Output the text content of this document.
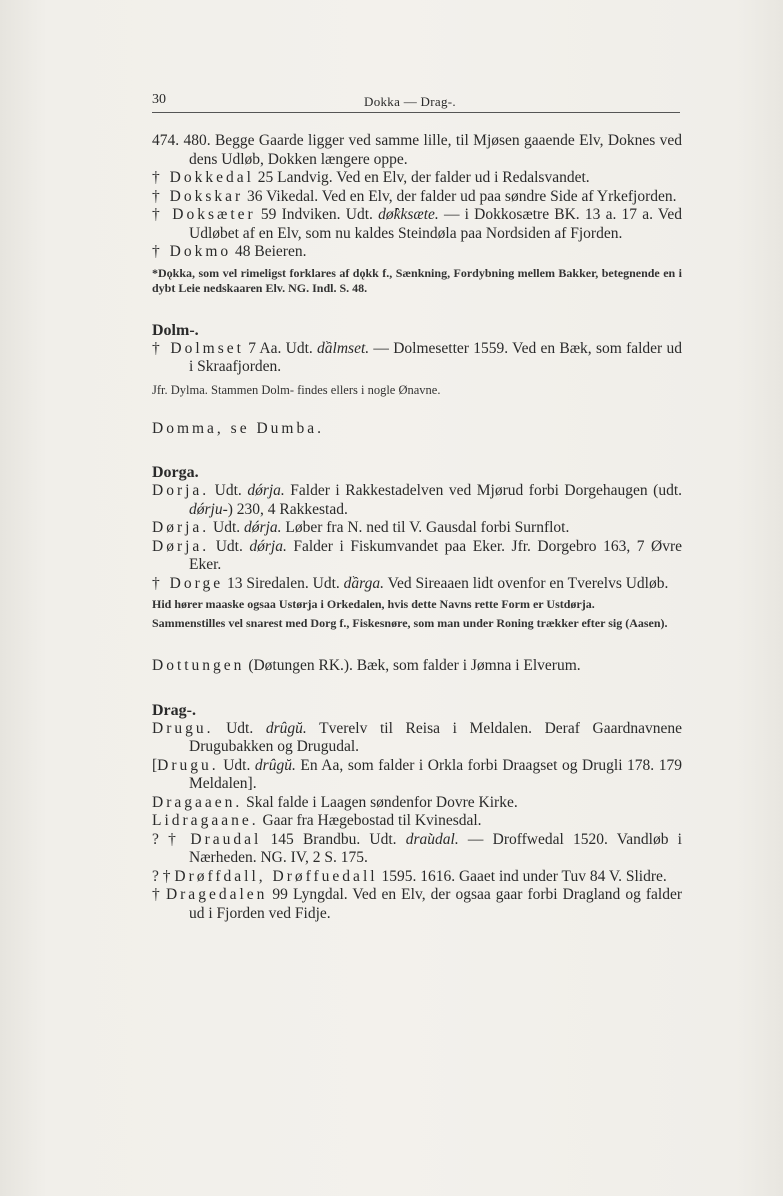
30	Dokka — Drag-.

474. 480. Begge Gaarde ligger ved samme lille, til Mjøsen gaaende Elv, Doknes ved dens Udløb, Dokken længere oppe.

† Dokkedal 25 Landvig. Ved en Elv, der falder ud i Redalsvandet.

† Dokskar 36 Vikedal. Ved en Elv, der falder ud paa søndre Side af Yrkefjorden.

† Doksæter 59 Indviken. Udt. dø̂kksæte. — i Dokkosætre BK. 13 a. 17 a. Ved Udløbet af en Elv, som nu kaldes Steindøla paa Nordsiden af Fjorden.

† Dokmo 48 Beieren.

*Dǫkka, som vel rimeligst forklares af dǫkk f., Sænkning, Fordybning mellem Bakker, betegnende en i dybt Leie nedskaaren Elv. NG. Indl. S. 48.

Dolm-.

† Dolmset 7 Aa. Udt. dầlmset. — Dolmesetter 1559. Ved en Bæk, som falder ud i Skraafjorden.

Jfr. Dylma. Stammen Dolm- findes ellers i nogle Ønavne.

Domma, se Dumba.

Dorga.

Dorja. Udt. dǿrja. Falder i Rakkestadelven ved Mjørud forbi Dorgehaugen (udt. dǿrju-) 230, 4 Rakkestad.

Dørja. Udt. dǿrja. Løber fra N. ned til V. Gausdal forbi Surnflot.

Dørja. Udt. dǿrja. Falder i Fiskumvandet paa Eker. Jfr. Dorgebro 163, 7 Øvre Eker.

† Dorge 13 Siredalen. Udt. dầrga. Ved Sireaaen lidt ovenfor en Tverelvs Udløb.

Hid hører maaske ogsaa Ustørja i Orkedalen, hvis dette Navns rette Form er Ustdørja.

Sammenstilles vel snarest med Dorg f., Fiskesnøre, som man under Roning trækker efter sig (Aasen).

Dottungen (Døtungen RK.). Bæk, som falder i Jømna i Elverum.

Drag-.

Drugu. Udt. drûgŭ. Tverelv til Reisa i Meldalen. Deraf Gaardnavnene Drugubakken og Drugudal.

[Drugu. Udt. drûgŭ. En Aa, som falder i Orkla forbi Draagset og Drugli 178. 179 Meldalen].

Dragaaen. Skal falde i Laagen søndenfor Dovre Kirke.

Lidragaane. Gaar fra Hægebostad til Kvinesdal.

? † Draudal 145 Brandbu. Udt. drau̇̀dal. — Droffwedal 1520. Vandløb i Nærheden. NG. IV, 2 S. 175.

? † Drøffdall, Drøffuedall 1595. 1616. Gaaet ind under Tuv 84 V. Slidre.

† Dragedalen 99 Lyngdal. Ved en Elv, der ogsaa gaar forbi Dragland og falder ud i Fjorden ved Fidje.
